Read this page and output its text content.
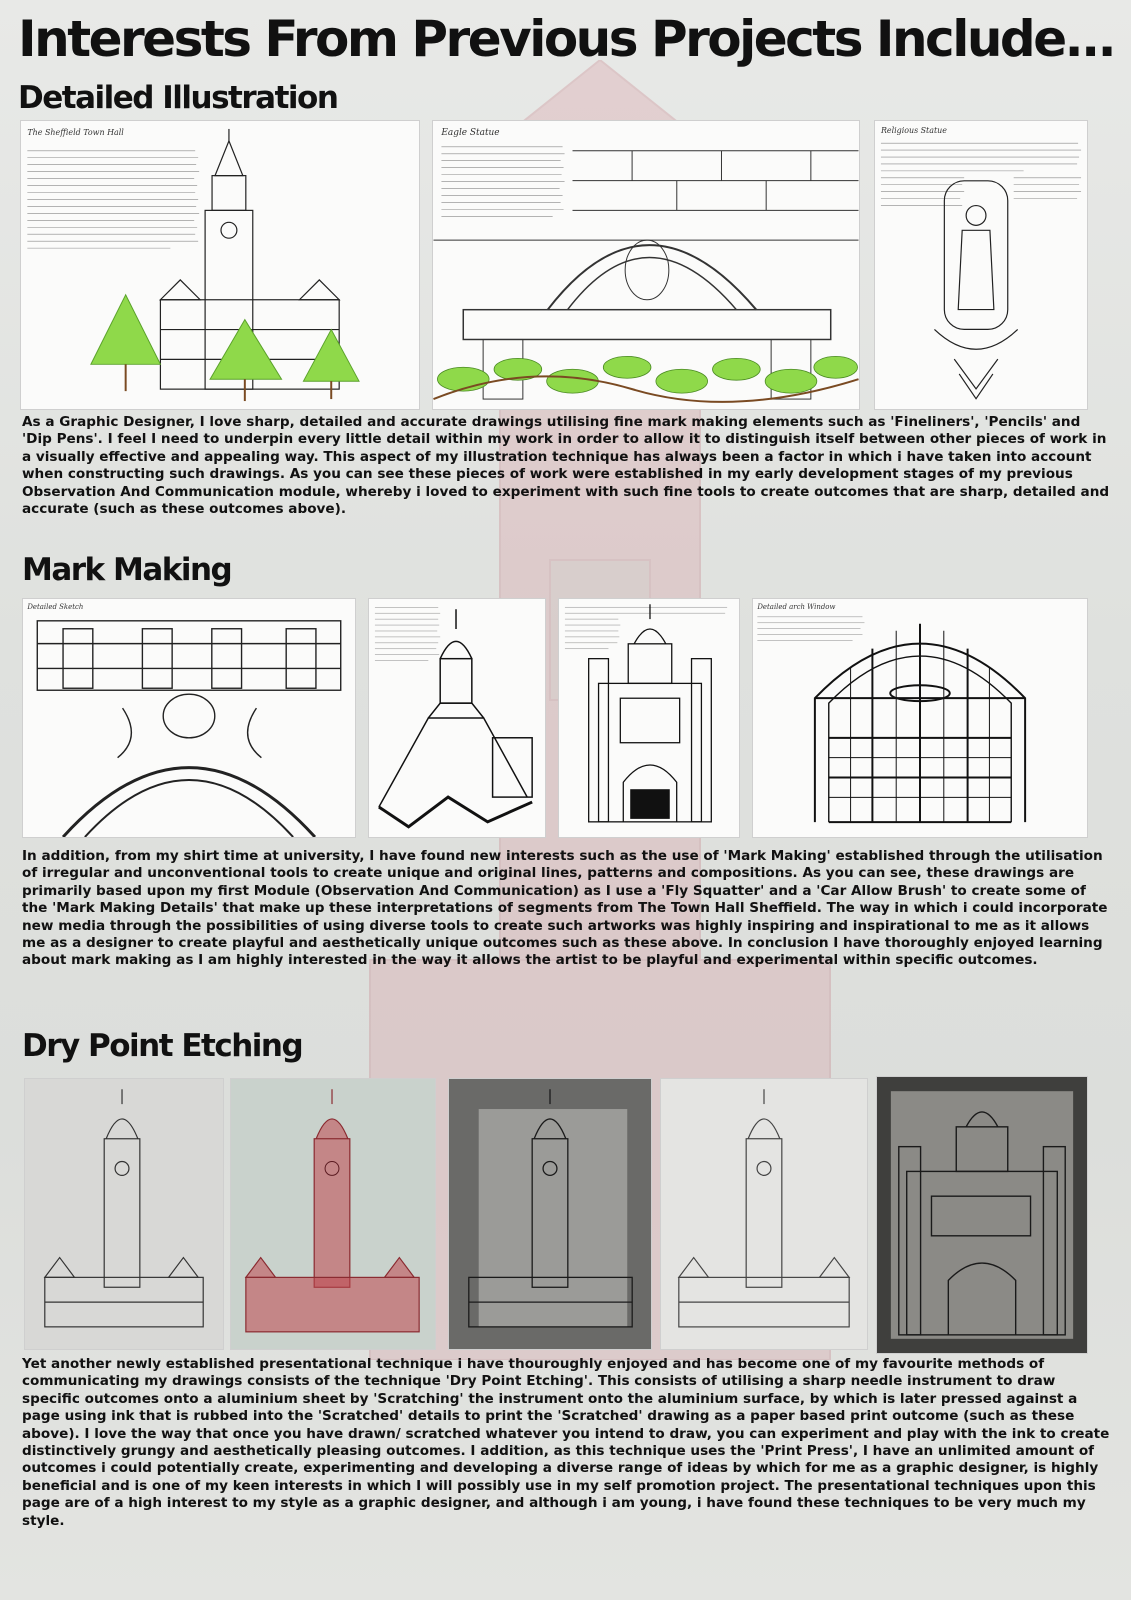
Interests From Previous Projects Include...
Detailed Illustration
The Sheffield Town Hall	Eagle Statue	Religious Statue

As a Graphic Designer, I love sharp, detailed and accurate drawings utilising fine mark making elements such as 'Fineliners', 'Pencils' and 'Dip Pens'. I feel I need to underpin every little detail within my work in order to allow it to distinguish itself between other pieces of work in a visually effective and appealing way. This aspect of my illustration technique has always been a factor in which i have taken into account when constructing such drawings. As you can see these pieces of work were established in my early development stages of my previous Observation And Communication module, whereby i loved to experiment with such fine tools to create outcomes that are sharp, detailed and accurate (such as these outcomes above).

Mark Making
Detailed Sketch	Detailed arch Window

In addition, from my shirt time at university, I have found new interests such as the use of 'Mark Making' established through the utilisation of irregular and unconventional tools to create unique and original lines, patterns and compositions. As you can see, these drawings are primarily based upon my first Module (Observation And Communication) as I use a 'Fly Squatter' and a 'Car Allow Brush' to create some of the 'Mark Making Details' that make up these interpretations of segments from The Town Hall Sheffield. The way in which i could incorporate new media through the possibilities of using diverse tools to create such artworks was highly inspiring and inspirational to me as it allows me as a designer to create playful and aesthetically unique outcomes such as these above. In conclusion I have thoroughly enjoyed learning about mark making as I am highly interested in the way it allows the artist to be playful and experimental within specific outcomes.

Dry Point Etching

Yet another newly established presentational technique i have thouroughly enjoyed and has become one of my favourite methods of communicating my drawings consists of the technique 'Dry Point Etching'. This consists of utilising a sharp needle instrument to draw specific outcomes onto a aluminium sheet by 'Scratching' the instrument onto the aluminium surface, by which is later pressed against a page using ink that is rubbed into the 'Scratched' details to print the 'Scratched' drawing as a paper based print outcome (such as these above). I love the way that once you have drawn/ scratched whatever you intend to draw, you can experiment and play with the ink to create distinctively grungy and aesthetically pleasing outcomes. I addition, as this technique uses the 'Print Press', I have an unlimited amount of outcomes i could potentially create, experimenting and developing a diverse range of ideas by which for me as a graphic designer, is highly beneficial and is one of my keen interests in which I will possibly use in my self promotion project. The presentational techniques upon this page are of a high interest to my style as a graphic designer, and although i am young, i have found these techniques to be very much my style.
